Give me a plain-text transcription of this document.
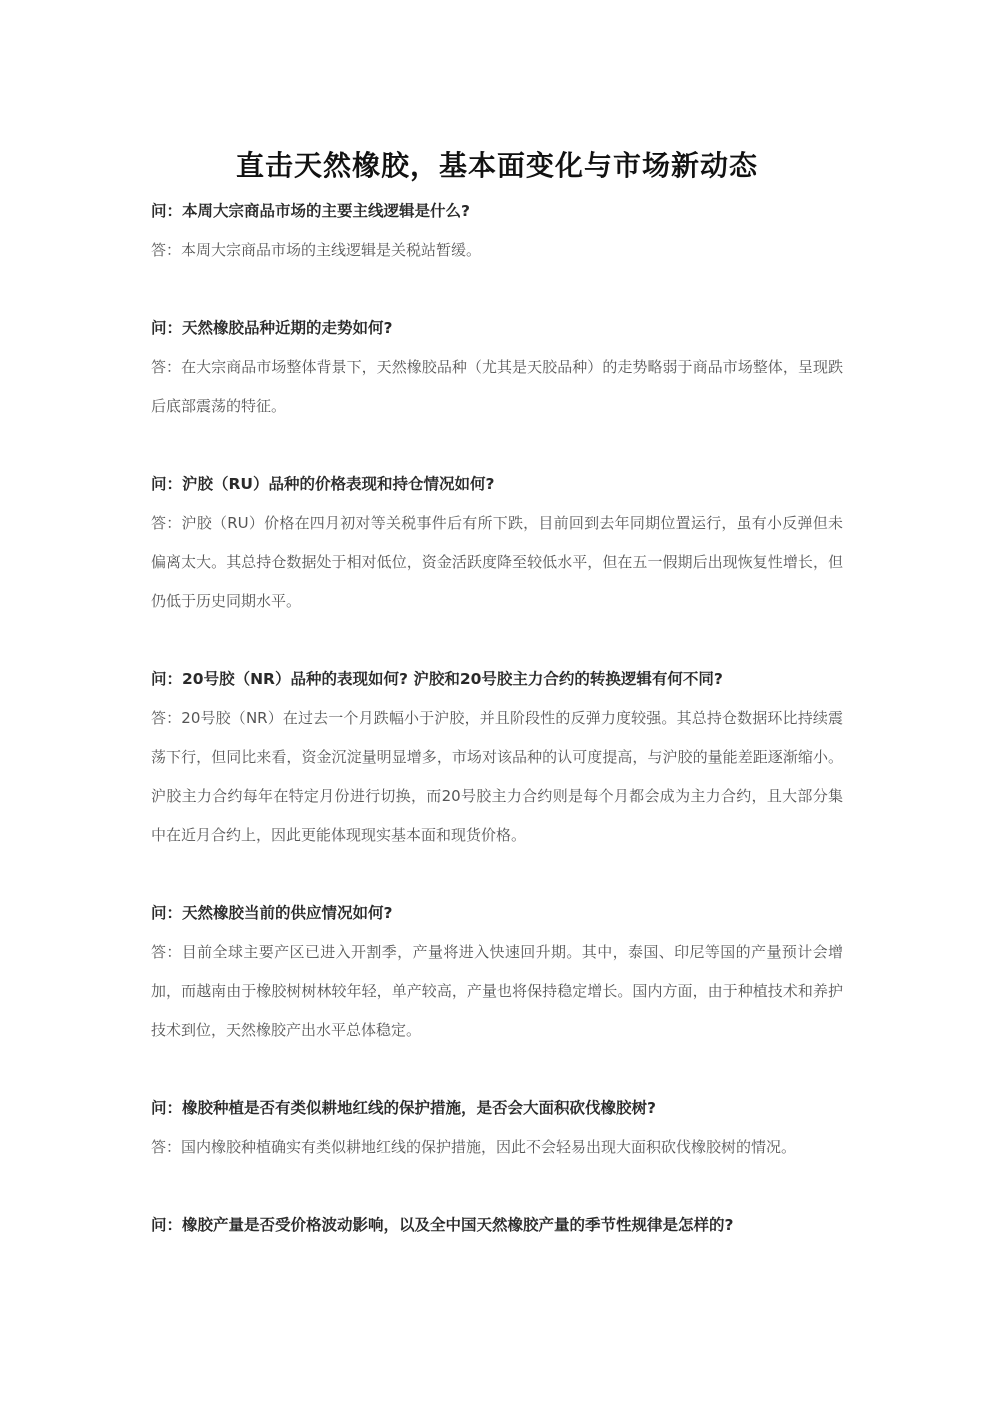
直击天然橡胶，基本面变化与市场新动态

问：本周大宗商品市场的主要主线逻辑是什么?

答：本周大宗商品市场的主线逻辑是关税站暂缓。

问：天然橡胶品种近期的走势如何?

答：在大宗商品市场整体背景下，天然橡胶品种（尤其是天胶品种）的走势略弱于商品市场整体，呈现跌后底部震荡的特征。

问：沪胶（RU）品种的价格表现和持仓情况如何?

答：沪胶（RU）价格在四月初对等关税事件后有所下跌，目前回到去年同期位置运行，虽有小反弹但未偏离太大。其总持仓数据处于相对低位，资金活跃度降至较低水平，但在五一假期后出现恢复性增长，但仍低于历史同期水平。

问：20号胶（NR）品种的表现如何? 沪胶和20号胶主力合约的转换逻辑有何不同?

答：20号胶（NR）在过去一个月跌幅小于沪胶，并且阶段性的反弹力度较强。其总持仓数据环比持续震荡下行，但同比来看，资金沉淀量明显增多，市场对该品种的认可度提高，与沪胶的量能差距逐渐缩小。沪胶主力合约每年在特定月份进行切换，而20号胶主力合约则是每个月都会成为主力合约，且大部分集中在近月合约上，因此更能体现现实基本面和现货价格。

问：天然橡胶当前的供应情况如何?

答：目前全球主要产区已进入开割季，产量将进入快速回升期。其中，泰国、印尼等国的产量预计会增加，而越南由于橡胶树树林较年轻，单产较高，产量也将保持稳定增长。国内方面，由于种植技术和养护技术到位，天然橡胶产出水平总体稳定。

问：橡胶种植是否有类似耕地红线的保护措施，是否会大面积砍伐橡胶树?

答：国内橡胶种植确实有类似耕地红线的保护措施，因此不会轻易出现大面积砍伐橡胶树的情况。

问：橡胶产量是否受价格波动影响，以及全中国天然橡胶产量的季节性规律是怎样的?
